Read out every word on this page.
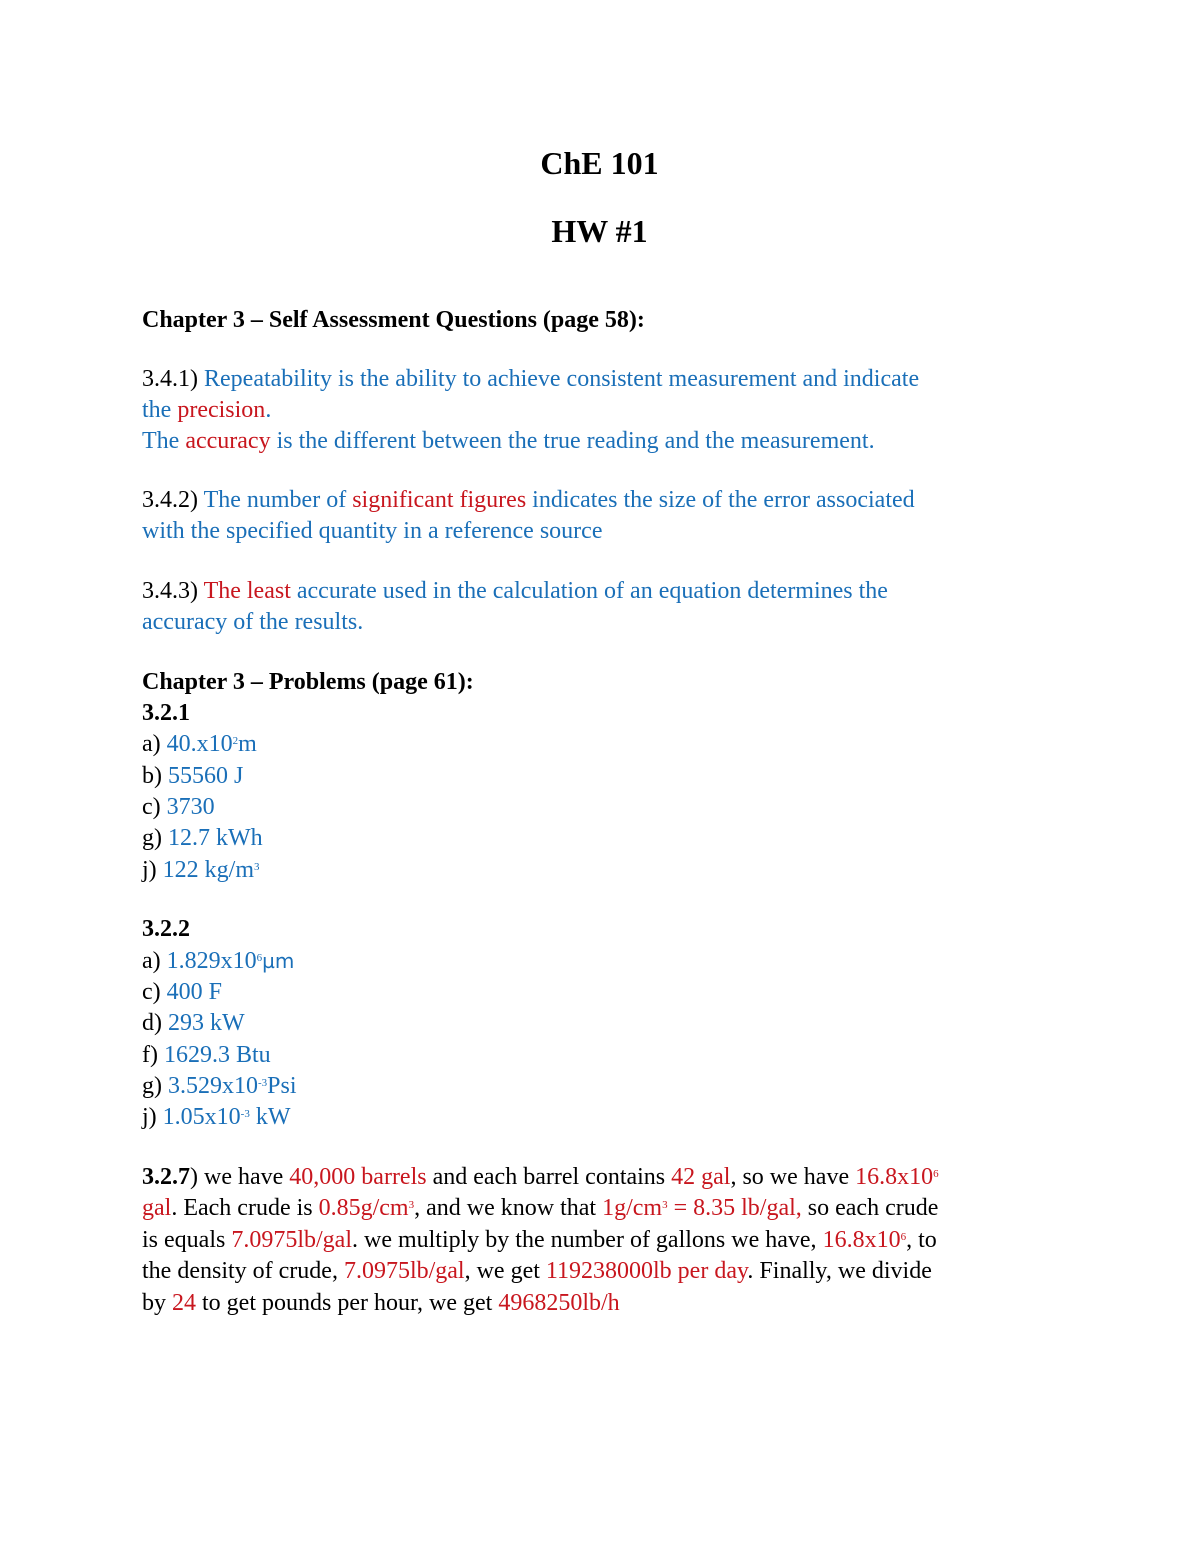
ChE 101
HW #1
Chapter 3 – Self Assessment Questions (page 58):
3.4.1) Repeatability is the ability to achieve consistent measurement and indicate
the precision.
The accuracy is the different between the true reading and the measurement.
3.4.2) The number of significant figures indicates the size of the error associated
with the specified quantity in a reference source
3.4.3) The least accurate used in the calculation of an equation determines the
accuracy of the results.
Chapter 3 – Problems (page 61):
3.2.1
a) $40.x10^2m$
b) 55560 J
c) 3730
g) 12.7 kWh
j) 122 $kg/m^3$
3.2.2
a) $1.829x10^6\mu m$
c) 400 F
d) 293 kW
f) 1629.3 Btu
g) $3.529x10^{-3}Psi$
j) $1.05x10^{-3}$ kW
3.2.7) we have 40,000 barrels and each barrel contains 42 gal, so we have $16.8x10^6$
gal. Each crude is $0.85g/cm^3$, and we know that $1g/cm^3 = 8.35$ lb/gal, so each crude
is equals 7.0975lb/gal. we multiply by the number of gallons we have, $16.8x10^6$, to
the density of crude, 7.0975lb/gal, we get 119238000lb per day. Finally, we divide
by 24 to get pounds per hour, we get 4968250lb/h
